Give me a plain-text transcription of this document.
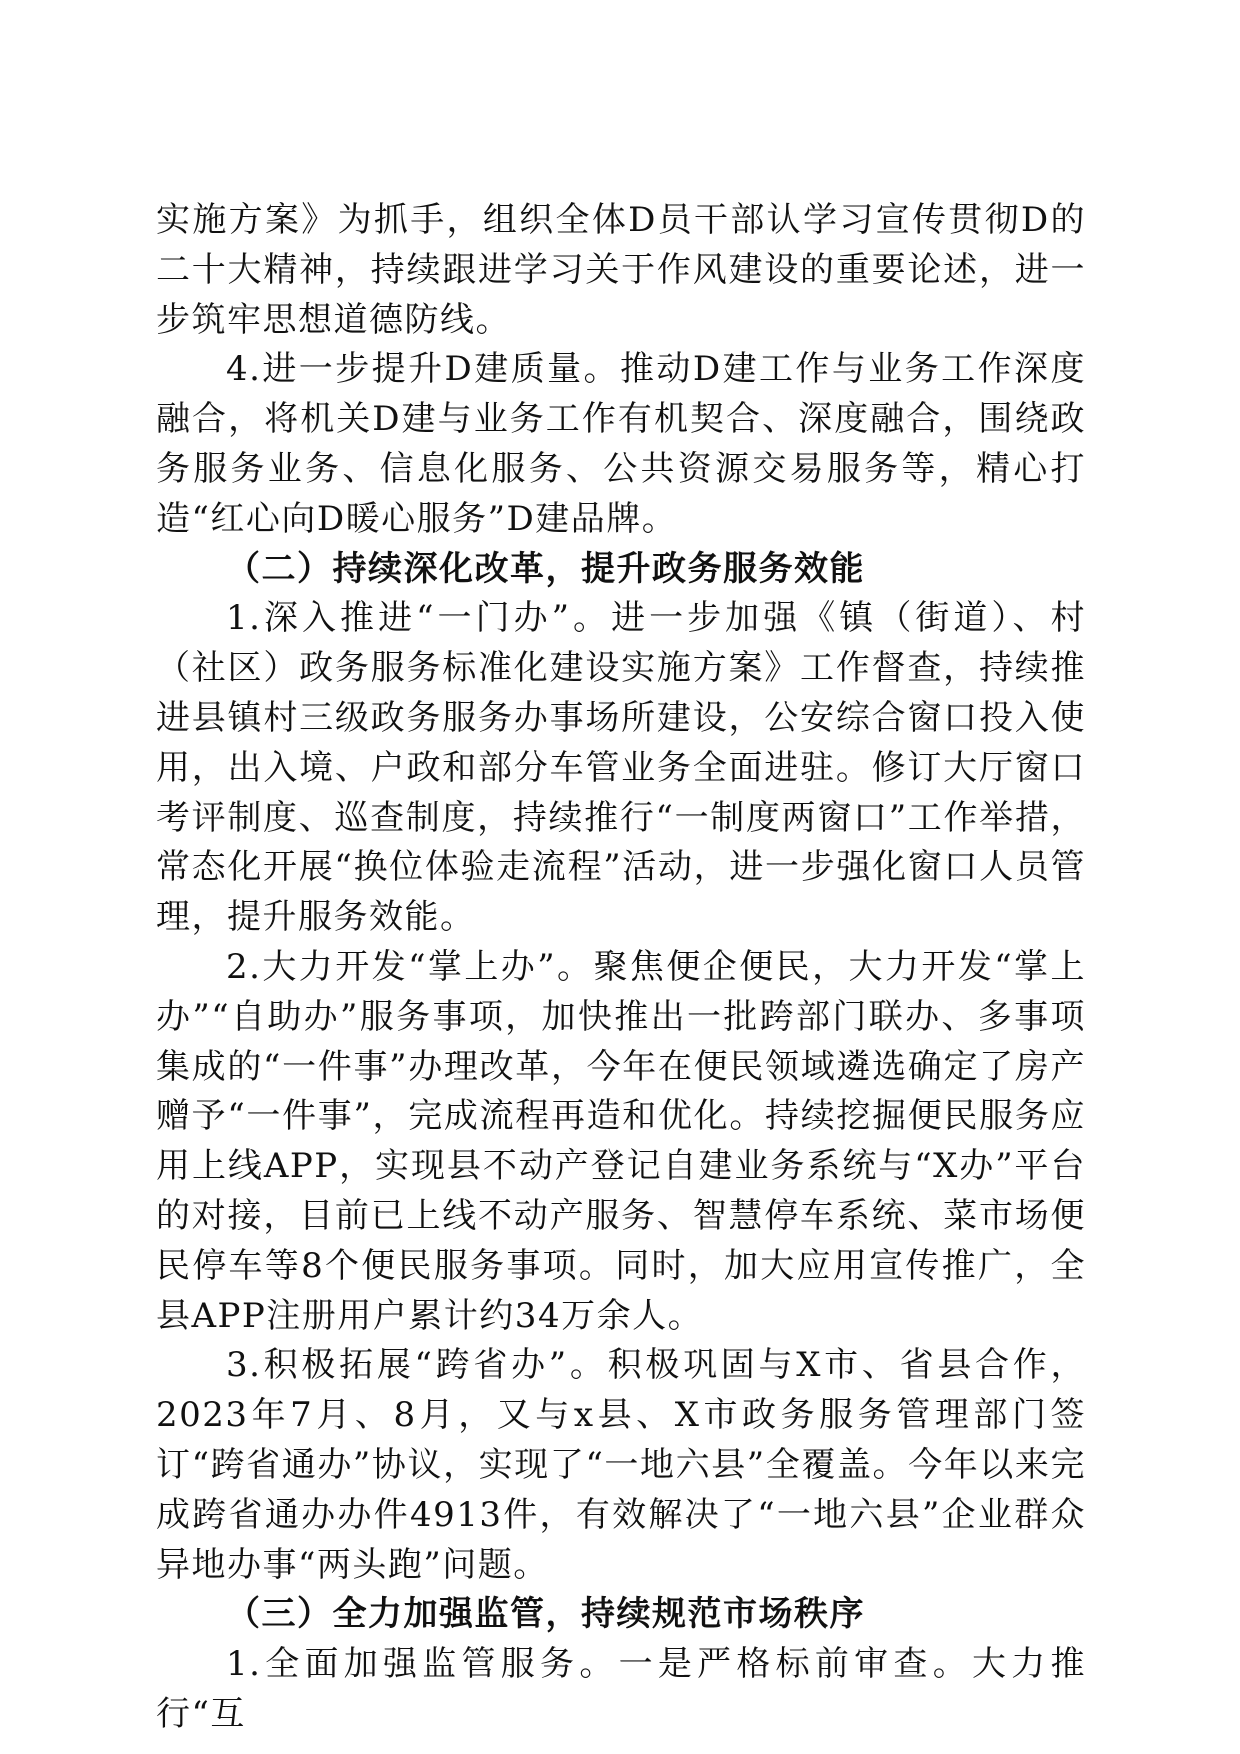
实施方案》为抓手，组织全体D员干部认学习宣传贯彻D的二十大精神，持续跟进学习关于作风建设的重要论述，进一步筑牢思想道德防线。

4.进一步提升D建质量。推动D建工作与业务工作深度融合，将机关D建与业务工作有机契合、深度融合，围绕政务服务业务、信息化服务、公共资源交易服务等，精心打造“红心向D暖心服务”D建品牌。

（二）持续深化改革，提升政务服务效能

1.深入推进“一门办”。进一步加强《镇（街道）、村（社区）政务服务标准化建设实施方案》工作督查，持续推进县镇村三级政务服务办事场所建设，公安综合窗口投入使用，出入境、户政和部分车管业务全面进驻。修订大厅窗口考评制度、巡查制度，持续推行“一制度两窗口”工作举措，常态化开展“换位体验走流程”活动，进一步强化窗口人员管理，提升服务效能。

2.大力开发“掌上办”。聚焦便企便民，大力开发“掌上办”“自助办”服务事项，加快推出一批跨部门联办、多事项集成的“一件事”办理改革，今年在便民领域遴选确定了房产赠予“一件事”，完成流程再造和优化。持续挖掘便民服务应用上线APP，实现县不动产登记自建业务系统与“X办”平台的对接，目前已上线不动产服务、智慧停车系统、菜市场便民停车等8个便民服务事项。同时，加大应用宣传推广，全县APP注册用户累计约34万余人。

3.积极拓展“跨省办”。积极巩固与X市、省县合作，2023年7月、8月，又与x县、X市政务服务管理部门签订“跨省通办”协议，实现了“一地六县”全覆盖。今年以来完成跨省通办办件4913件，有效解决了“一地六县”企业群众异地办事“两头跑”问题。

（三）全力加强监管，持续规范市场秩序

1.全面加强监管服务。一是严格标前审查。大力推行“互
